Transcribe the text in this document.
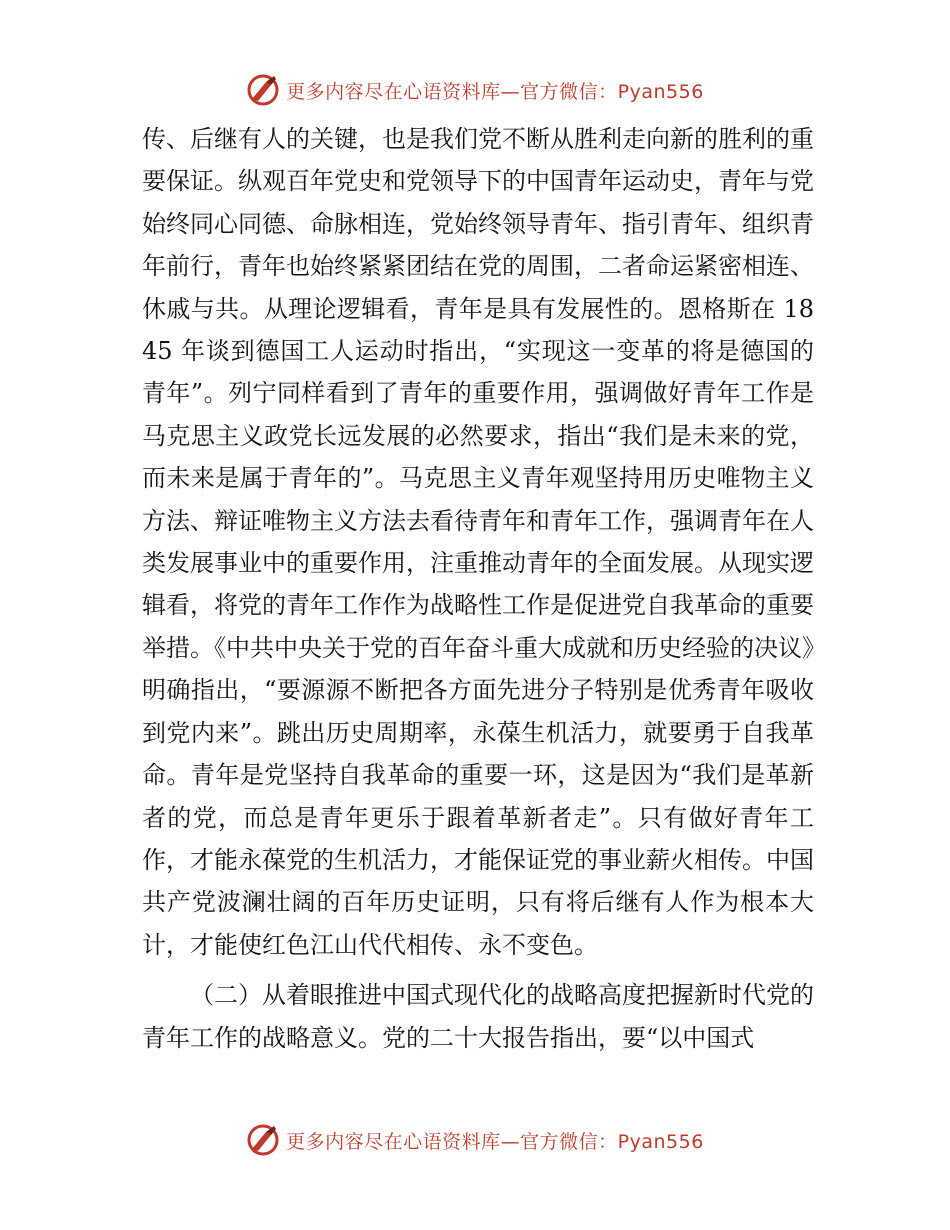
更多内容尽在心语资料库—官方微信：Pyan556

传、后继有人的关键，也是我们党不断从胜利走向新的胜利的重要保证。纵观百年党史和党领导下的中国青年运动史，青年与党始终同心同德、命脉相连，党始终领导青年、指引青年、组织青年前行，青年也始终紧紧团结在党的周围，二者命运紧密相连、休戚与共。从理论逻辑看，青年是具有发展性的。恩格斯在 1845 年谈到德国工人运动时指出，“实现这一变革的将是德国的青年”。列宁同样看到了青年的重要作用，强调做好青年工作是马克思主义政党长远发展的必然要求，指出“我们是未来的党，而未来是属于青年的”。马克思主义青年观坚持用历史唯物主义方法、辩证唯物主义方法去看待青年和青年工作，强调青年在人类发展事业中的重要作用，注重推动青年的全面发展。从现实逻辑看，将党的青年工作作为战略性工作是促进党自我革命的重要举措。《中共中央关于党的百年奋斗重大成就和历史经验的决议》明确指出，“要源源不断把各方面先进分子特别是优秀青年吸收到党内来”。跳出历史周期率，永葆生机活力，就要勇于自我革命。青年是党坚持自我革命的重要一环，这是因为“我们是革新者的党，而总是青年更乐于跟着革新者走”。只有做好青年工作，才能永葆党的生机活力，才能保证党的事业薪火相传。中国共产党波澜壮阔的百年历史证明，只有将后继有人作为根本大计，才能使红色江山代代相传、永不变色。

（二）从着眼推进中国式现代化的战略高度把握新时代党的青年工作的战略意义。党的二十大报告指出，要“以中国式

更多内容尽在心语资料库—官方微信：Pyan556
